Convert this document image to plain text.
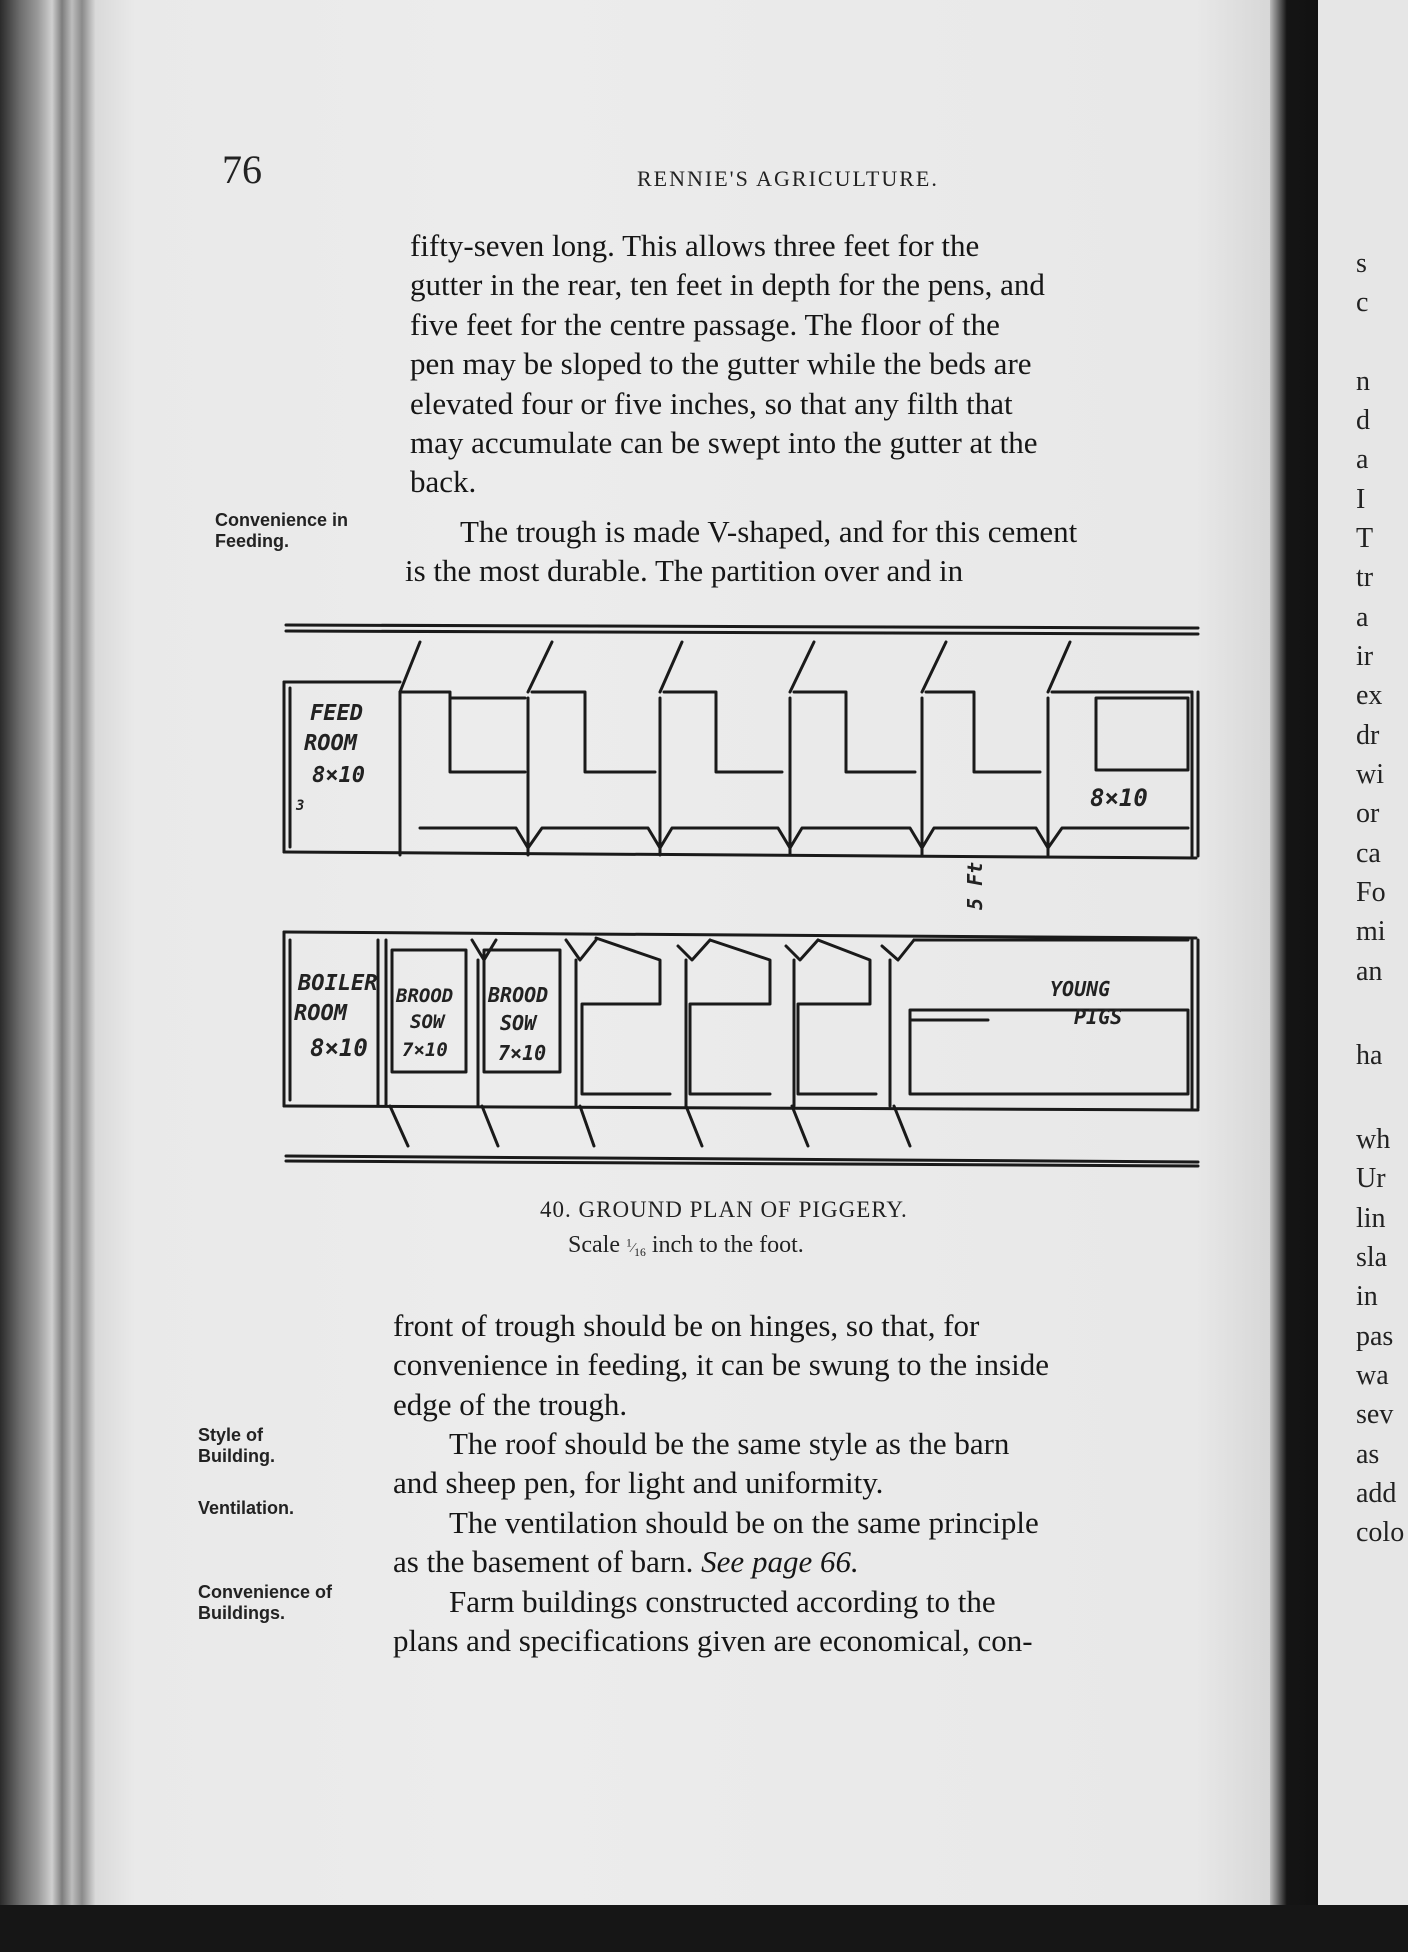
s
c
n
d
a
I
T
tr
a
ir
ex
dr
wi
or
ca
Fo
mi
an
ha
wh
Ur
lin
sla
in
pas
wa
sev
as
add
colo
76	RENNIE'S AGRICULTURE.
fifty-seven long. This allows three feet for the
gutter in the rear, ten feet in depth for the pens, and
five feet for the centre passage. The floor of the
pen may be sloped to the gutter while the beds are
elevated four or five inches, so that any filth that
may accumulate can be swept into the gutter at the
back.
Convenience in
Feeding.	The trough is made V-shaped, and for this cement
is the most durable. The partition over and in
FEED
ROOM
8×10
3	8×10
5 Ft
BOILER
ROOM
8×10
BROOD
SOW
7×10
BROOD
SOW
7×10
YOUNG
PIGS
40. GROUND PLAN OF PIGGERY.
Scale $^1⁄_{16}$ inch to the foot.
front of trough should be on hinges, so that, for
convenience in feeding, it can be swung to the inside
edge of the trough.
Style of
Building.	The roof should be the same style as the barn
and sheep pen, for light and uniformity.
Ventilation.	The ventilation should be on the same principle
as the basement of barn. See page 66.
Convenience of
Buildings.	Farm buildings constructed according to the
plans and specifications given are economical, con-
